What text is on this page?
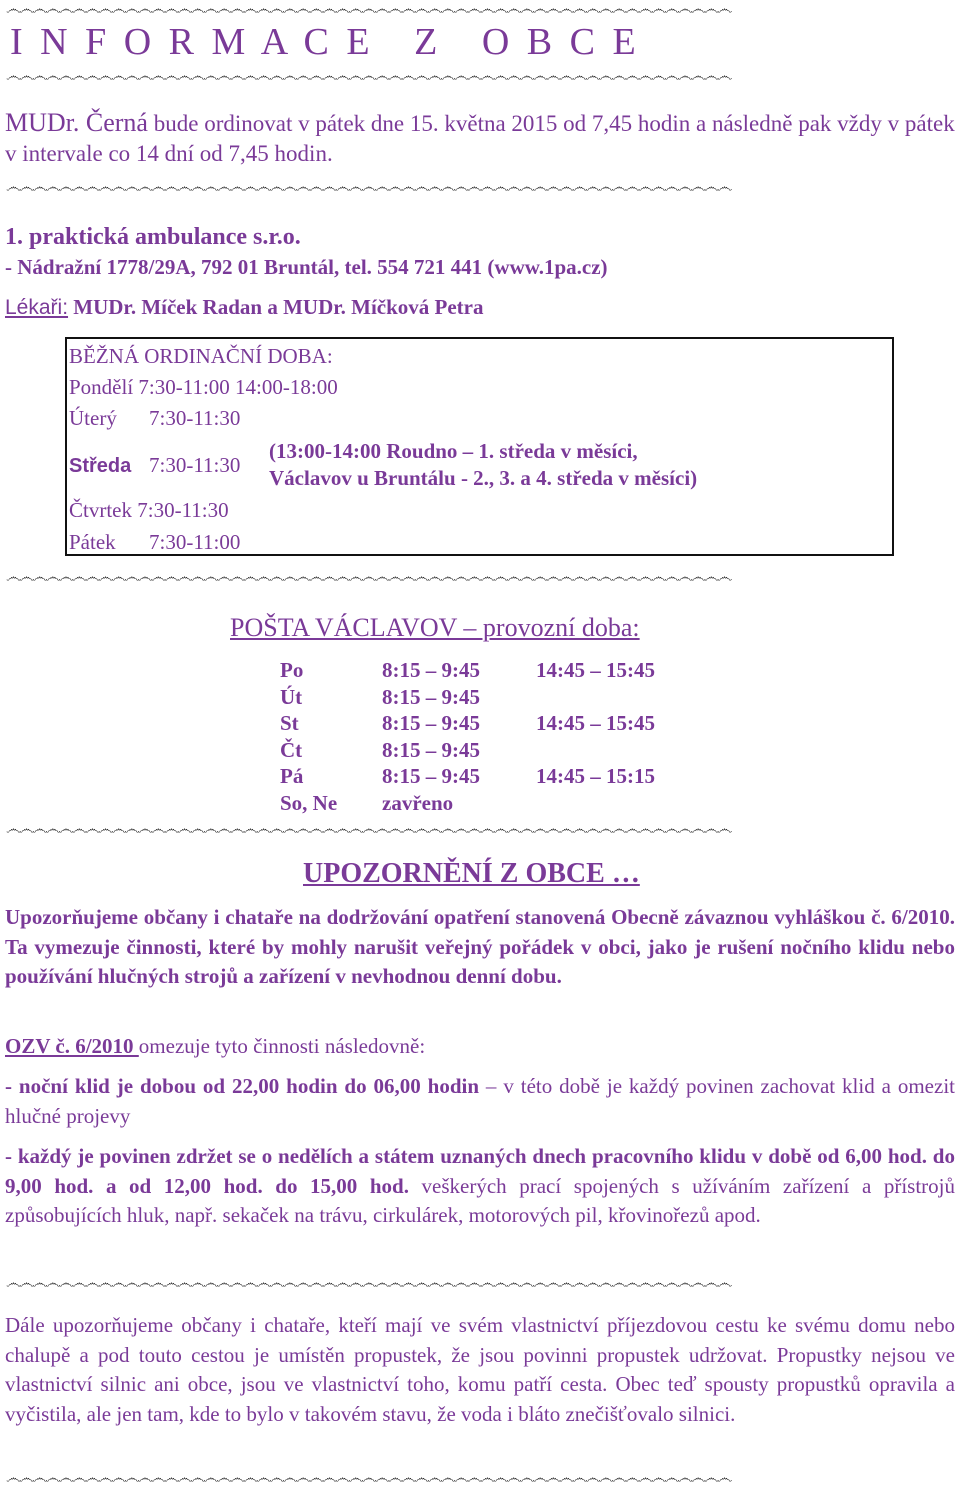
෴෴෴෴෴෴෴෴෴෴෴෴෴෴෴෴෴෴෴෴෴෴෴෴෴෴෴෴෴෴෴෴෴෴෴෴෴෴෴෴෴෴෴෴෴෴෴෴෴෴෴෴෴෴෴
I N F O R M A C E   Z   O B C E
෴෴෴෴෴෴෴෴෴෴෴෴෴෴෴෴෴෴෴෴෴෴෴෴෴෴෴෴෴෴෴෴෴෴෴෴෴෴෴෴෴෴෴෴෴෴෴෴෴෴෴෴෴෴෴
MUDr. Černá bude ordinovat v pátek dne 15. května 2015 od 7,45 hodin a následně pak vždy v pátek v intervale co 14 dní od 7,45 hodin.
෴෴෴෴෴෴෴෴෴෴෴෴෴෴෴෴෴෴෴෴෴෴෴෴෴෴෴෴෴෴෴෴෴෴෴෴෴෴෴෴෴෴෴෴෴෴෴෴෴෴෴෴෴෴෴
1. praktická ambulance s.r.o.
- Nádražní 1778/29A, 792 01 Bruntál, tel. 554 721 441 (www.1pa.cz)
Lékaři: MUDr. Míček Radan a MUDr. Míčková Petra
BĚŽNÁ ORDINAČNÍ DOBA:
Pondělí 7:30-11:00 14:00-18:00
Úterý 7:30-11:30
Středa 7:30-11:30
(13:00-14:00 Roudno – 1. středa v měsíci,
Václavov u Bruntálu - 2., 3. a 4. středa v měsíci)
Čtvrtek 7:30-11:30
Pátek 7:30-11:00
෴෴෴෴෴෴෴෴෴෴෴෴෴෴෴෴෴෴෴෴෴෴෴෴෴෴෴෴෴෴෴෴෴෴෴෴෴෴෴෴෴෴෴෴෴෴෴෴෴෴෴෴෴෴෴
POŠTA VÁCLAVOV – provozní doba:
Po	8:15 – 9:45	14:45 – 15:45
Út	8:15 – 9:45
St	8:15 – 9:45	14:45 – 15:45
Čt	8:15 – 9:45
Pá	8:15 – 9:45	14:45 – 15:15
So, Ne zavřeno
෴෴෴෴෴෴෴෴෴෴෴෴෴෴෴෴෴෴෴෴෴෴෴෴෴෴෴෴෴෴෴෴෴෴෴෴෴෴෴෴෴෴෴෴෴෴෴෴෴෴෴෴෴෴෴
UPOZORNĚNÍ Z OBCE …
Upozorňujeme občany i chataře na dodržování opatření stanovená Obecně závaznou vyhláškou č. 6/2010. Ta vymezuje činnosti, které by mohly narušit veřejný pořádek v obci, jako je rušení nočního klidu nebo používání hlučných strojů a zařízení v nevhodnou denní dobu.
OZV č. 6/2010 omezuje tyto činnosti následovně:
- noční klid je dobou od 22,00 hodin do 06,00 hodin – v této době je každý povinen zachovat klid a omezit hlučné projevy
- každý je povinen zdržet se o nedělích a státem uznaných dnech pracovního klidu v době od 6,00 hod. do 9,00 hod. a od 12,00 hod. do 15,00 hod. veškerých prací spojených s užíváním zařízení a přístrojů způsobujících hluk, např. sekaček na trávu, cirkulárek, motorových pil, křovinořezů apod.
෴෴෴෴෴෴෴෴෴෴෴෴෴෴෴෴෴෴෴෴෴෴෴෴෴෴෴෴෴෴෴෴෴෴෴෴෴෴෴෴෴෴෴෴෴෴෴෴෴෴෴෴෴෴෴
Dále upozorňujeme občany i chataře, kteří mají ve svém vlastnictví příjezdovou cestu ke svému domu nebo chalupě a pod touto cestou je umístěn propustek, že jsou povinni propustek udržovat. Propustky nejsou ve vlastnictví silnic ani obce, jsou ve vlastnictví toho, komu patří cesta. Obec teď spousty propustků opravila a vyčistila, ale jen tam, kde to bylo v takovém stavu, že voda i bláto znečišťovalo silnici.
෴෴෴෴෴෴෴෴෴෴෴෴෴෴෴෴෴෴෴෴෴෴෴෴෴෴෴෴෴෴෴෴෴෴෴෴෴෴෴෴෴෴෴෴෴෴෴෴෴෴෴෴෴෴෴
